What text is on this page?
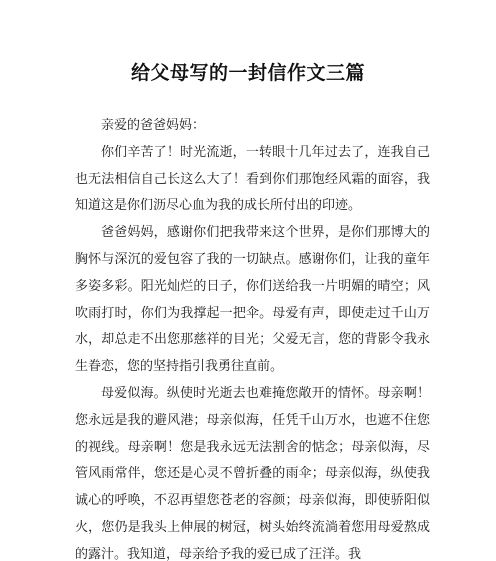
给父母写的一封信作文三篇

亲爱的爸爸妈妈：

你们辛苦了！时光流逝，一转眼十几年过去了，连我自己也无法相信自己长这么大了！看到你们那饱经风霜的面容，我知道这是你们沥尽心血为我的成长所付出的印迹。

爸爸妈妈，感谢你们把我带来这个世界，是你们那博大的胸怀与深沉的爱包容了我的一切缺点。感谢你们，让我的童年多姿多彩。阳光灿烂的日子，你们送给我一片明媚的晴空；风吹雨打时，你们为我撑起一把伞。母爱有声，即使走过千山万水，却总走不出您那慈祥的目光；父爱无言，您的背影令我永生眷恋，您的坚持指引我勇往直前。

母爱似海。纵使时光逝去也难掩您敞开的情怀。母亲啊！您永远是我的避风港；母亲似海，任凭千山万水，也遮不住您的视线。母亲啊！您是我永远无法割舍的惦念；母亲似海，尽管风雨常伴，您还是心灵不曾折叠的雨伞；母亲似海，纵使我诚心的呼唤，不忍再望您苍老的容颜；母亲似海，即使骄阳似火，您仍是我头上伸展的树冠，树头始终流淌着您用母爱熬成的露汁。我知道，母亲给予我的爱已成了汪洋。我
